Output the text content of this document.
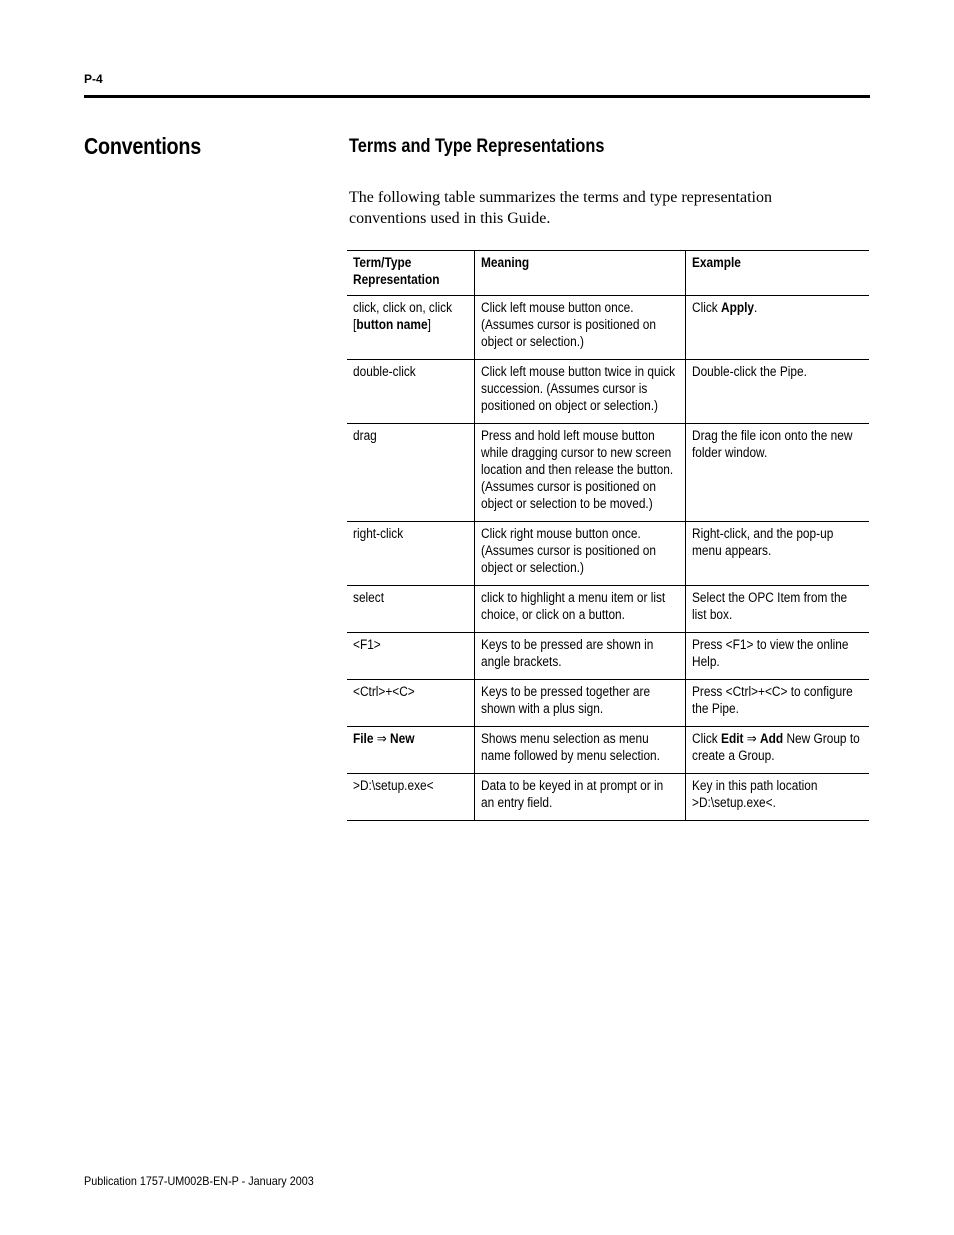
P-4
Conventions	Terms and Type Representations

The following table summarizes the terms and type representation conventions used in this Guide.

Term/Type Representation	Meaning	Example

click, click on, click [button name]	Click left mouse button once. (Assumes cursor is positioned on object or selection.)	Click Apply.

double-click	Click left mouse button twice in quick succession. (Assumes cursor is positioned on object or selection.)	Double-click the Pipe.

drag	Press and hold left mouse button while dragging cursor to new screen location and then release the button. (Assumes cursor is positioned on object or selection to be moved.)	Drag the file icon onto the new folder window.

right-click	Click right mouse button once. (Assumes cursor is positioned on object or selection.)	Right-click, and the pop-up menu appears.

select	click to highlight a menu item or list choice, or click on a button.	Select the OPC Item from the list box.

<F1>	Keys to be pressed are shown in angle brackets.	Press <F1> to view the online Help.

<Ctrl>+<C>	Keys to be pressed together are shown with a plus sign.	Press <Ctrl>+<C> to configure the Pipe.

File ⇒ New	Shows menu selection as menu name followed by menu selection.	Click Edit ⇒ Add New Group to create a Group.

>D:\setup.exe<	Data to be keyed in at prompt or in an entry field.	Key in this path location >D:\setup.exe<.
Publication 1757-UM002B-EN-P - January 2003
